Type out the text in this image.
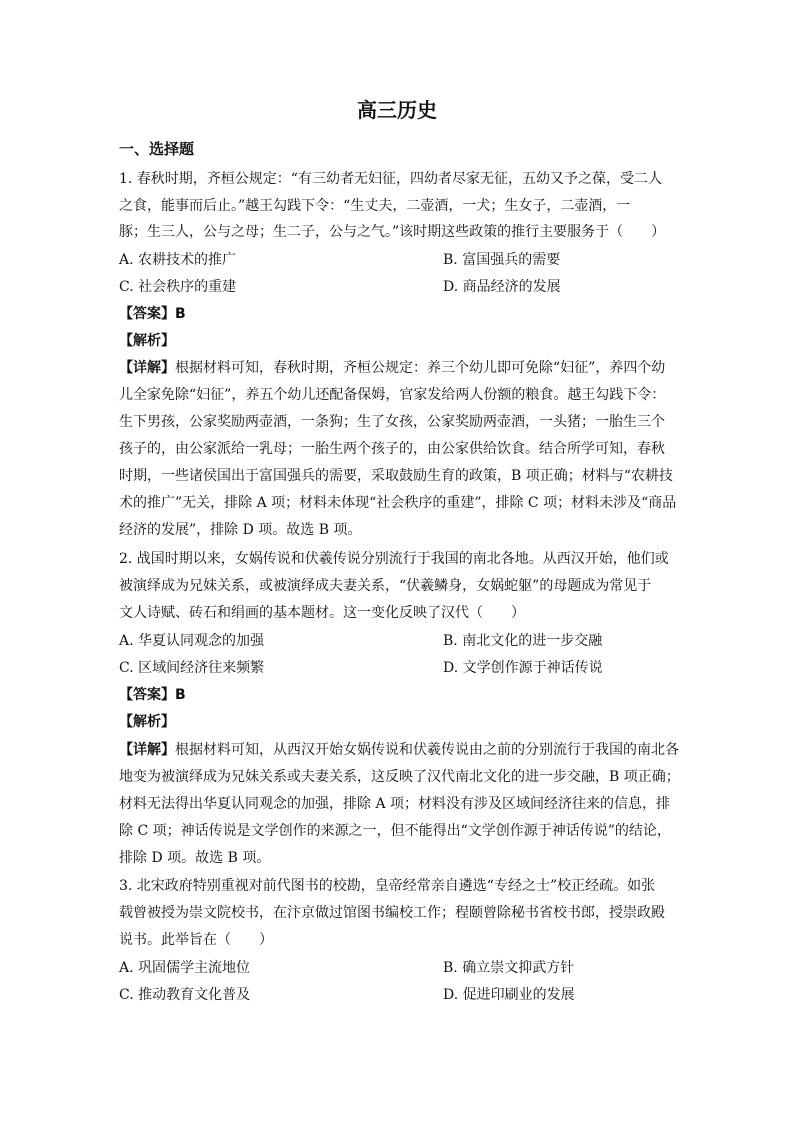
高三历史
一、选择题
1. 春秋时期，齐桓公规定：“有三幼者无妇征，四幼者尽家无征，五幼又予之葆，受二人
之食，能事而后止。”越王勾践下令：“生丈夫，二壶酒，一犬；生女子，二壶酒，一
豚；生三人，公与之母；生二子，公与之气。”该时期这些政策的推行主要服务于（　　）
A. 农耕技术的推广	B. 富国强兵的需要
C. 社会秩序的重建	D. 商品经济的发展
【答案】B
【解析】
【详解】根据材料可知，春秋时期，齐桓公规定：养三个幼儿即可免除“妇征”，养四个幼
儿全家免除“妇征”，养五个幼儿还配备保姆，官家发给两人份额的粮食。越王勾践下令：
生下男孩，公家奖励两壶酒，一条狗；生了女孩，公家奖励两壶酒，一头猪；一胎生三个
孩子的，由公家派给一乳母；一胎生两个孩子的，由公家供给饮食。结合所学可知，春秋
时期，一些诸侯国出于富国强兵的需要，采取鼓励生育的政策，B 项正确；材料与“农耕技
术的推广”无关，排除 A 项；材料未体现“社会秩序的重建”，排除 C 项；材料未涉及“商品
经济的发展”，排除 D 项。故选 B 项。
2. 战国时期以来，女娲传说和伏羲传说分别流行于我国的南北各地。从西汉开始，他们或
被演绎成为兄妹关系，或被演绎成夫妻关系，“伏羲鳞身，女娲蛇躯”的母题成为常见于
文人诗赋、砖石和绢画的基本题材。这一变化反映了汉代（　　）
A. 华夏认同观念的加强	B. 南北文化的进一步交融
C. 区域间经济往来频繁	D. 文学创作源于神话传说
【答案】B
【解析】
【详解】根据材料可知，从西汉开始女娲传说和伏羲传说由之前的分别流行于我国的南北各
地变为被演绎成为兄妹关系或夫妻关系，这反映了汉代南北文化的进一步交融，B 项正确；
材料无法得出华夏认同观念的加强，排除 A 项；材料没有涉及区域间经济往来的信息，排
除 C 项；神话传说是文学创作的来源之一，但不能得出“文学创作源于神话传说”的结论，
排除 D 项。故选 B 项。
3. 北宋政府特别重视对前代图书的校勘，皇帝经常亲自遴选“专经之士”校正经疏。如张
载曾被授为崇文院校书，在汴京做过馆图书编校工作；程颐曾除秘书省校书郎，授崇政殿
说书。此举旨在（　　）
A. 巩固儒学主流地位	B. 确立崇文抑武方针
C. 推动教育文化普及	D. 促进印刷业的发展
